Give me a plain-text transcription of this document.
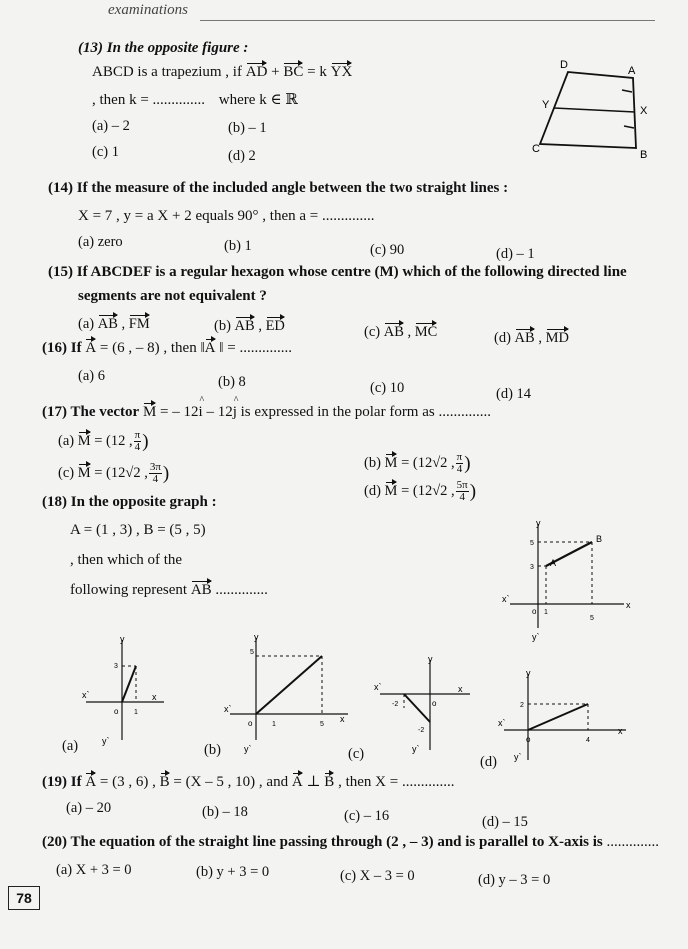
examinations
(13) In the opposite figure :
ABCD is a trapezium , if AD + BC = k YX
, then k = .............. where k ∈ ℝ
(a) – 2	(b) – 1
(c) 1	(d) 2
D	A
Y	X
C	B
(14) If the measure of the included angle between the two straight lines :
X = 7 , y = a X + 2 equals 90° , then a = ..............
(a) zero	(b) 1	(c) 90	(d) – 1
(15) If ABCDEF is a regular hexagon whose centre (M) which of the following directed line
segments are not equivalent ?
(a) AB , FM	(b) AB , ED	(c) AB , MC	(d) AB , MD
(16) If A = (6 , – 8) , then ‖A ‖ = ..............
(a) 6	(b) 8	(c) 10	(d) 14
(17) The vector M = – 12^ i – 12^ j is expressed in the polar form as ..............
(a) M = (12 , $\frac{\pi}{4}$ )
(b) M = (12√2 , $\frac{\pi}{4}$ )
(c) M = (12√2 , $\frac{3\pi}{4}$ )
(d) M = (12√2 , $\frac{5\pi}{4}$ )
(18) In the opposite graph :
A = (1 , 3) , B = (5 , 5)
, then which of the
following represent AB ..............
y
y`
x
x`
o 1
5
3
5
A
B
y
y`
x
x`
o
3
1
(a)
y
y`
x
x`
o
5
1	5
(b)
y
y`
x
x`
o
-2
-2
(c)
y
y`
x
x`
o
2
4
(d)
(19) If A = (3 , 6) , B = (X – 5 , 10) , and A ⊥ B , then X = ..............
(a) – 20	(b) – 18	(c) – 16	(d) – 15
(20) The equation of the straight line passing through (2 , – 3) and is parallel to X-axis is ..............
(a) X + 3 = 0	(b) y + 3 = 0	(c) X – 3 = 0	(d) y – 3 = 0
78
